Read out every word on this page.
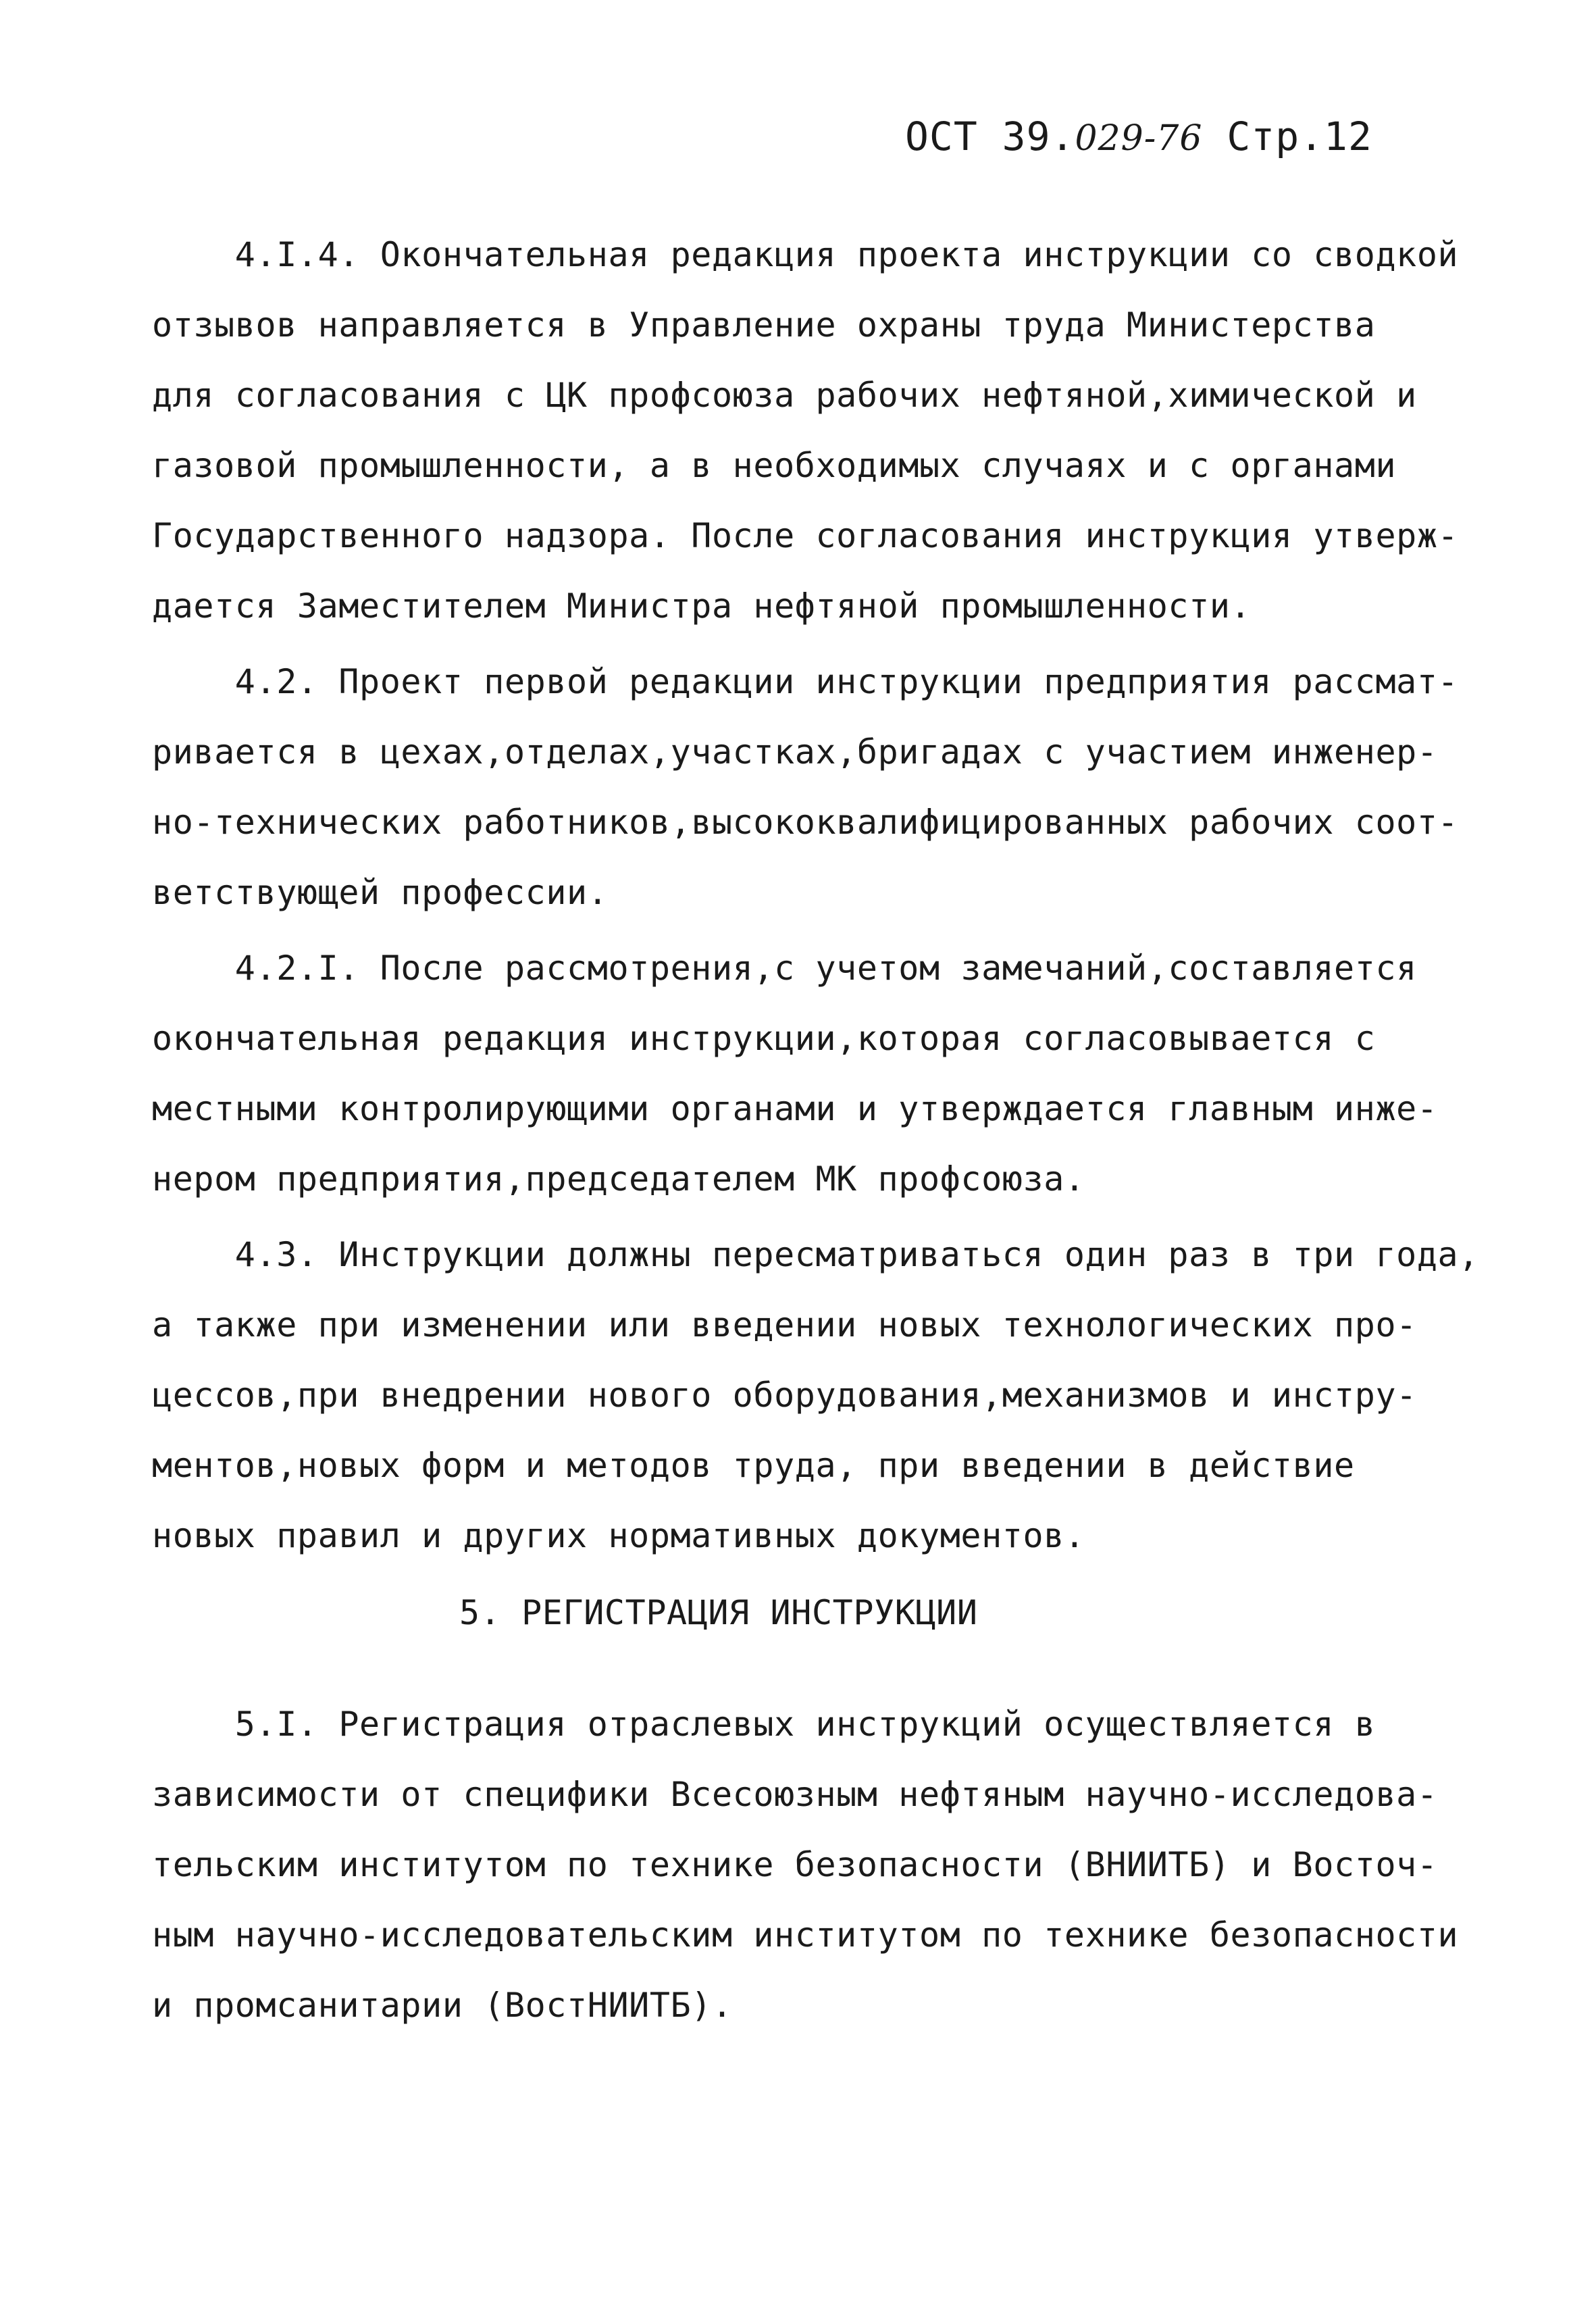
ОСТ 39.029-76 Стр.12
4.I.4. Окончательная редакция проекта инструкции со сводкой
отзывов направляется в Управление охраны труда Министерства
для согласования с ЦК профсоюза рабочих нефтяной,химической и
газовой промышленности, а в необходимых случаях и с органами
Государственного надзора. После согласования инструкция утверж-
дается Заместителем Министра нефтяной промышленности.
4.2. Проект первой редакции инструкции предприятия рассмат-
ривается в цехах,отделах,участках,бригадах с участием инженер-
но-технических работников,высококвалифицированных рабочих соот-
ветствующей профессии.
4.2.I. После рассмотрения,с учетом замечаний,составляется
окончательная редакция инструкции,которая согласовывается с
местными контролирующими органами и утверждается главным инже-
нером предприятия,председателем МК профсоюза.
4.3. Инструкции должны пересматриваться один раз в три года,
а также при изменении или введении новых технологических про-
цессов,при внедрении нового оборудования,механизмов и инстру-
ментов,новых форм и методов труда, при введении в действие
новых правил и других нормативных документов.
5. РЕГИСТРАЦИЯ ИНСТРУКЦИИ
5.I. Регистрация отраслевых инструкций осуществляется в
зависимости от специфики Всесоюзным нефтяным научно-исследова-
тельским институтом по технике безопасности (ВНИИТБ) и Восточ-
ным научно-исследовательским институтом по технике безопасности
и промсанитарии (ВостНИИТБ).
